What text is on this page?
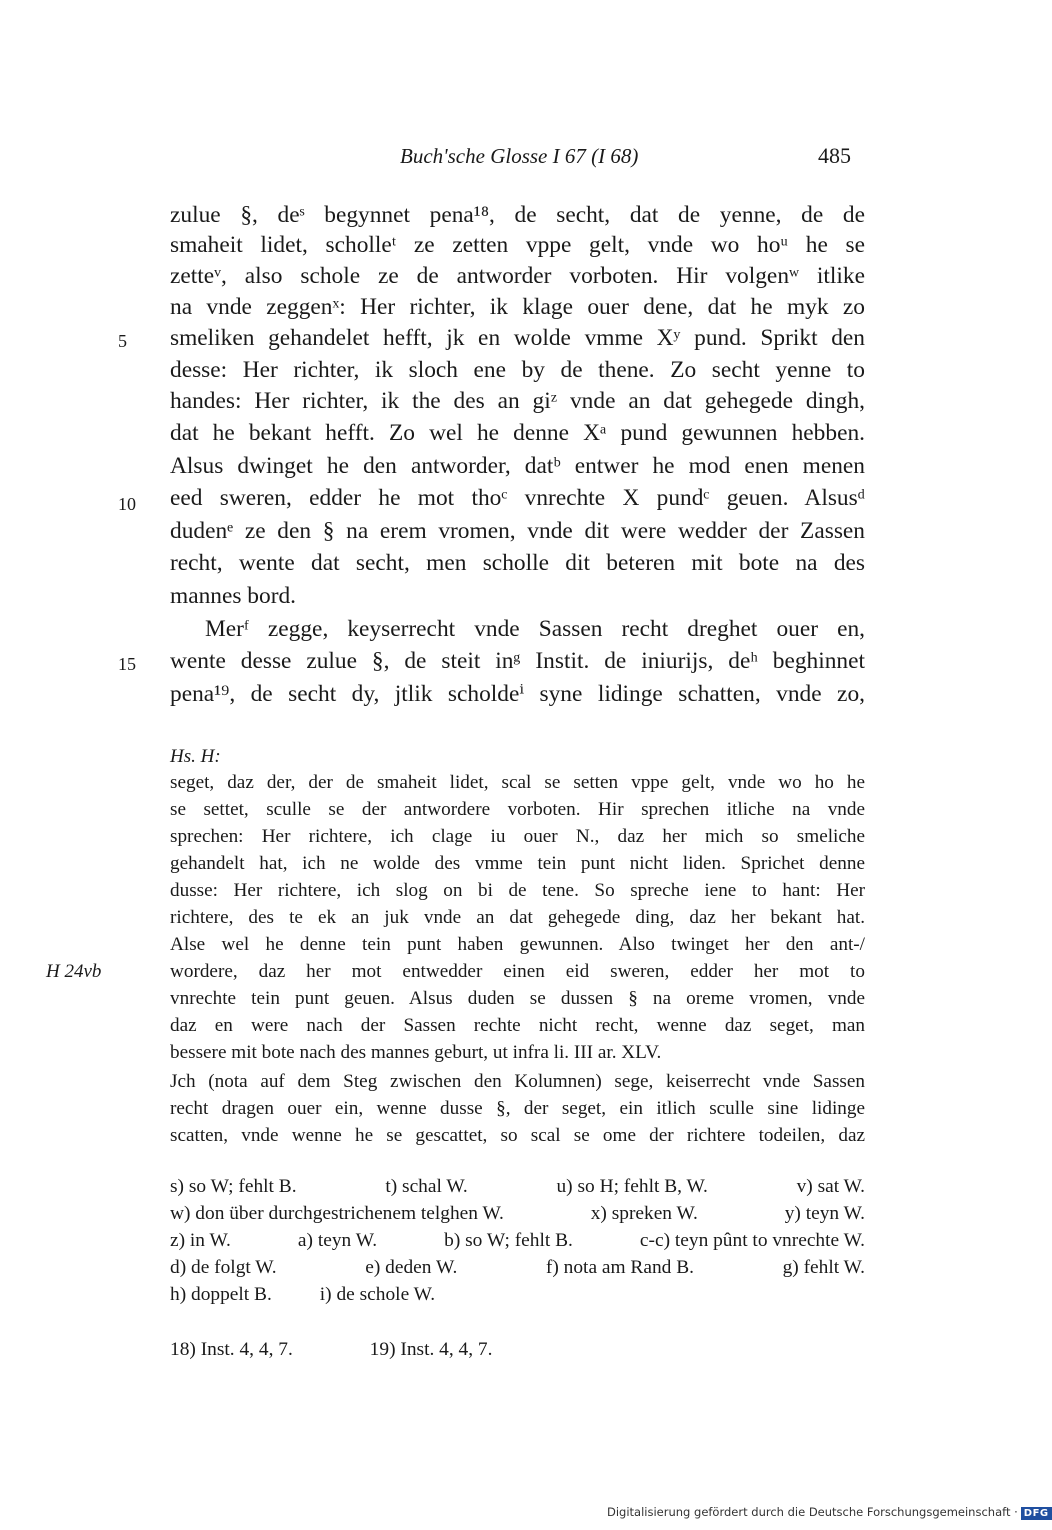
Buch'sche Glosse I 67 (I 68)	485
zulue §, deˢ begynnet pena¹⁸, de secht, dat de yenne, de de
smaheit lidet, scholleᵗ ze zetten vppe gelt, vnde wo hoᵘ he se
zetteᵛ, also schole ze de antworder vorboten. Hir volgenʷ itlike
na vnde zeggenˣ: Her richter, ik klage ouer dene, dat he myk zo
smeliken gehandelet hefft, jk en wolde vmme Xʸ pund. Sprikt den
desse: Her richter, ik sloch ene by de thene. Zo secht yenne to
handes: Her richter, ik the des an giᶻ vnde an dat gehegede dingh,
dat he bekant hefft. Zo wel he denne Xᵃ pund gewunnen hebben.
Alsus dwinget he den antworder, datᵇ entwer he mod enen menen
eed sweren, edder he mot thoᶜ vnrechte X pundᶜ geuen. Alsusᵈ
dudenᵉ ze den § na erem vromen, vnde dit were wedder der Zassen
recht, wente dat secht, men scholle dit beteren mit bote na des
mannes bord.
Merᶠ zegge, keyserrecht vnde Sassen recht dreghet ouer en,
wente desse zulue §, de steit inᵍ Instit. de iniurijs, deʰ beghinnet
pena¹⁹, de secht dy, jtlik scholdeⁱ syne lidinge schatten, vnde zo,
5
10
15
Hs. H:
H 24vb
seget, daz der, der de smaheit lidet, scal se setten vppe gelt, vnde wo ho he
se settet, sculle se der antwordere vorboten. Hir sprechen itliche na vnde
sprechen: Her richtere, ich clage iu ouer N., daz her mich so smeliche
gehandelt hat, ich ne wolde des vmme tein punt nicht liden. Sprichet denne
dusse: Her richtere, ich slog on bi de tene. So spreche iene to hant: Her
richtere, des te ek an juk vnde an dat gehegede ding, daz her bekant hat.
Alse wel he denne tein punt haben gewunnen. Also twinget her den ant-/
wordere, daz her mot entwedder einen eid sweren, edder her mot to
vnrechte tein punt geuen. Alsus duden se dussen § na oreme vromen, vnde
daz en were nach der Sassen rechte nicht recht, wenne daz seget, man
bessere mit bote nach des mannes geburt, ut infra li. III ar. XLV.
Jch (nota auf dem Steg zwischen den Kolumnen) sege, keiserrecht vnde Sassen
recht dragen ouer ein, wenne dusse §, der seget, ein itlich sculle sine lidinge
scatten, vnde wenne he se gescattet, so scal se ome der richtere todeilen, daz
s) so W; fehlt B.	t) schal W.	u) so H; fehlt B, W.	v) sat W.
w) don über durchgestrichenem telghen W.	x) spreken W.	y) teyn W.
z) in W.	a) teyn W.	b) so W; fehlt B.	c-c) teyn pûnt to vnrechte W.
d) de folgt W.	e) deden W.	f) nota am Rand B.	g) fehlt W.
h) doppelt B. i) de schole W.
18) Inst. 4, 4, 7.	19) Inst. 4, 4, 7.
Digitalisierung gefördert durch die Deutsche Forschungsgemeinschaft · DFG
